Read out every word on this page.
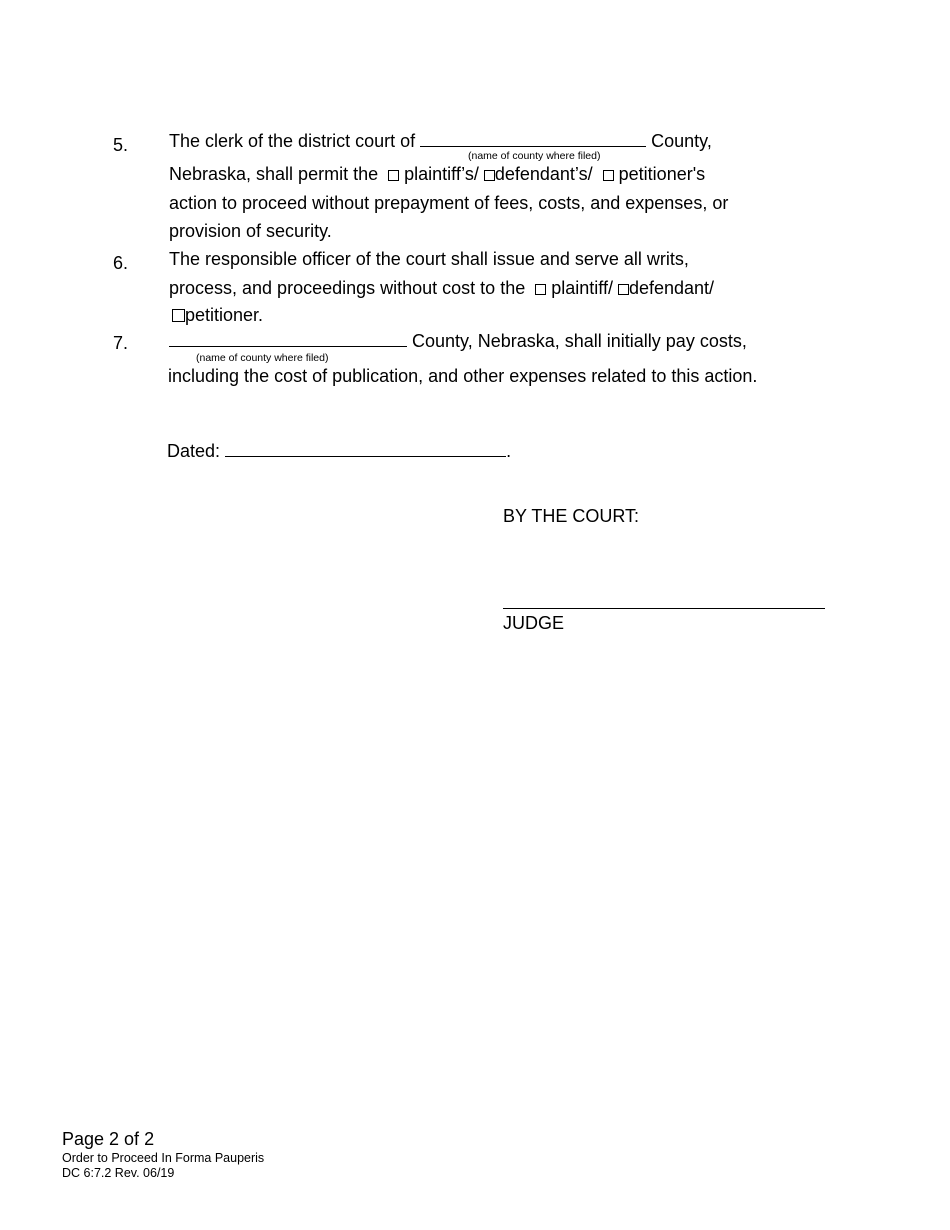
5. The clerk of the district court of	County,
(name of county where filed)
Nebraska, shall permit the plaintiff’s/ defendant’s/ petitioner's
action to proceed without prepayment of fees, costs, and expenses, or
provision of security.
6. The responsible officer of the court shall issue and serve all writs,
process, and proceedings without cost to the plaintiff/ defendant/
petitioner.
7.	County, Nebraska, shall initially pay costs,
(name of county where filed)
including the cost of publication, and other expenses related to this action.
Dated:	.
BY THE COURT:
JUDGE
Page 2 of 2
Order to Proceed In Forma Pauperis
DC 6:7.2 Rev. 06/19
